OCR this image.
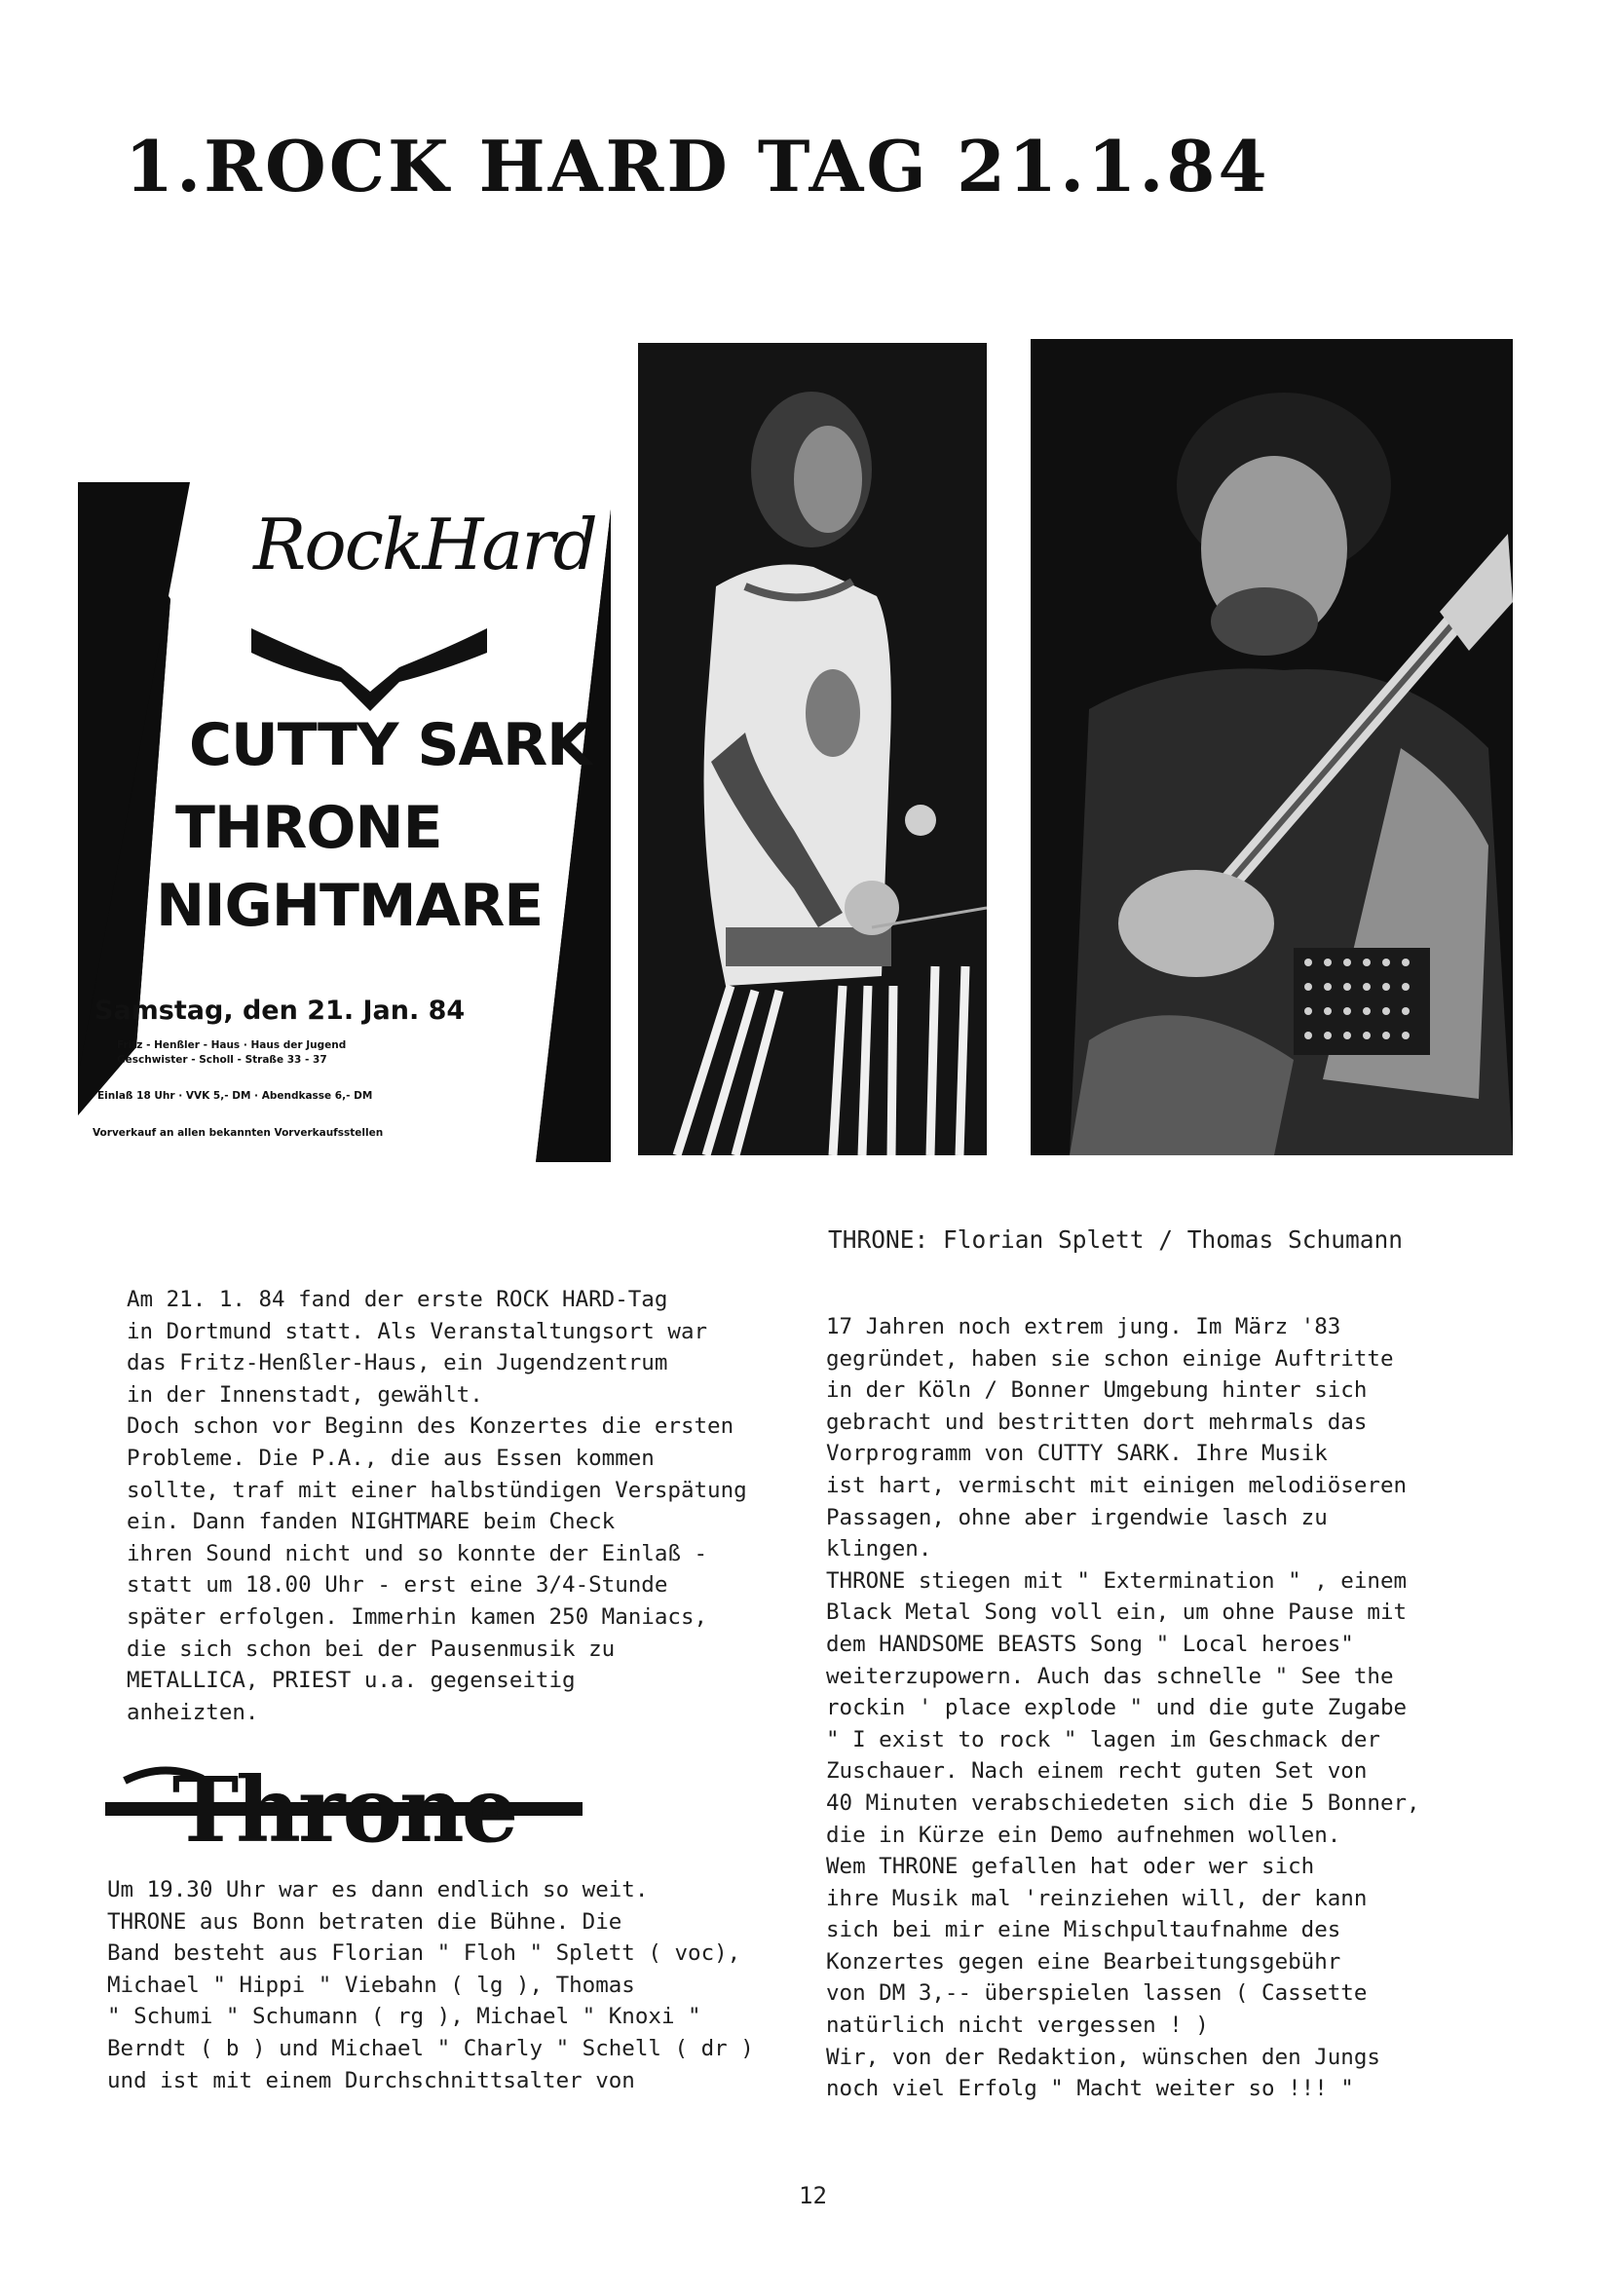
1.ROCK HARD TAG 21.1.84
RockHard

CUTTY SARK

THRONE

NIGHTMARE

Samstag, den 21. Jan. 84
Fritz - Henßler - Haus · Haus der Jugend
Geschwister - Scholl - Straße 33 - 37
Einlaß 18 Uhr · VVK 5,- DM · Abendkasse 6,- DM
Vorverkauf an allen bekannten Vorverkaufsstellen

THRONE: Florian Splett / Thomas Schumann

Am 21. 1. 84 fand der erste ROCK HARD-Tag

in Dortmund statt. Als Veranstaltungsort war

das Fritz-Henßler-Haus, ein Jugendzentrum

in der Innenstadt, gewählt.

Doch schon vor Beginn des Konzertes die ersten

Probleme. Die P.A., die aus Essen kommen

sollte, traf mit einer halbstündigen Verspätung

ein. Dann fanden NIGHTMARE beim Check

ihren Sound nicht und so konnte der Einlaß -

statt um 18.00 Uhr - erst eine 3/4-Stunde

später erfolgen. Immerhin kamen 250 Maniacs,

die sich schon bei der Pausenmusik zu

METALLICA, PRIEST u.a. gegenseitig

anheizten.

Throne

Um 19.30 Uhr war es dann endlich so weit.

THRONE aus Bonn betraten die Bühne. Die

Band besteht aus Florian " Floh " Splett ( voc),

Michael " Hippi " Viebahn ( lg ), Thomas

" Schumi " Schumann ( rg ), Michael " Knoxi "

Berndt ( b ) und Michael " Charly " Schell ( dr )

und ist mit einem Durchschnittsalter von

17 Jahren noch extrem jung. Im März '83

gegründet, haben sie schon einige Auftritte

in der Köln / Bonner Umgebung hinter sich

gebracht und bestritten dort mehrmals das

Vorprogramm von CUTTY SARK. Ihre Musik

ist hart, vermischt mit einigen melodiöseren

Passagen, ohne aber irgendwie lasch zu

klingen.

THRONE stiegen mit " Extermination " , einem

Black Metal Song voll ein, um ohne Pause mit

dem HANDSOME BEASTS Song " Local heroes"

weiterzupowern. Auch das schnelle " See the

rockin ' place explode " und die gute Zugabe

" I exist to rock " lagen im Geschmack der

Zuschauer. Nach einem recht guten Set von

40 Minuten verabschiedeten sich die 5 Bonner,

die in Kürze ein Demo aufnehmen wollen.

Wem THRONE gefallen hat oder wer sich

ihre Musik mal 'reinziehen will, der kann

sich bei mir eine Mischpultaufnahme des

Konzertes gegen eine Bearbeitungsgebühr

von DM 3,-- überspielen lassen ( Cassette

natürlich nicht vergessen ! )

Wir, von der Redaktion, wünschen den Jungs

noch viel Erfolg " Macht weiter so !!! "

12
